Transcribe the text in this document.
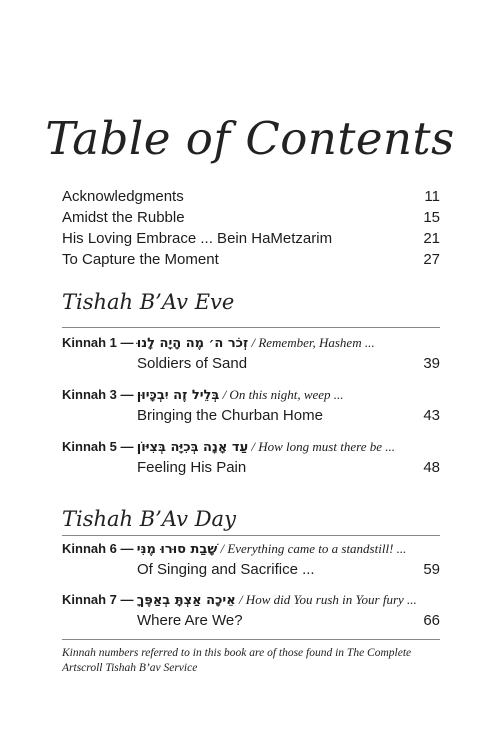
Table of Contents
Acknowledgments	11
Amidst the Rubble	15
His Loving Embrace ... Bein HaMetzarim	21
To Capture the Moment	27
Tishah B’Av Eve
Kinnah 1 — זְכֹר ה׳ מֶה הָיָה לָנוּ / Remember, Hashem ...
Soldiers of Sand	39
Kinnah 3 — בְּלֵיל זֶה יִבְכָּיוּן / On this night, weep ...
Bringing the Churban Home	43
Kinnah 5 — עַד אָנָה בְּכִיָּה בְּצִיּוֹן / How long must there be ...
Feeling His Pain	48
Tishah B’Av Day
Kinnah 6 — שָׁבַת סוּרוּ מֶנִּי / Everything came to a standstill! ...
Of Singing and Sacrifice ...	59
Kinnah 7 — אֵיכָה אַצְתָּ בְאַפֶּךָ / How did You rush in Your fury ...
Where Are We?	66
Kinnah numbers referred to in this book are of those found in The Complete Artscroll Tishah B’av Service
